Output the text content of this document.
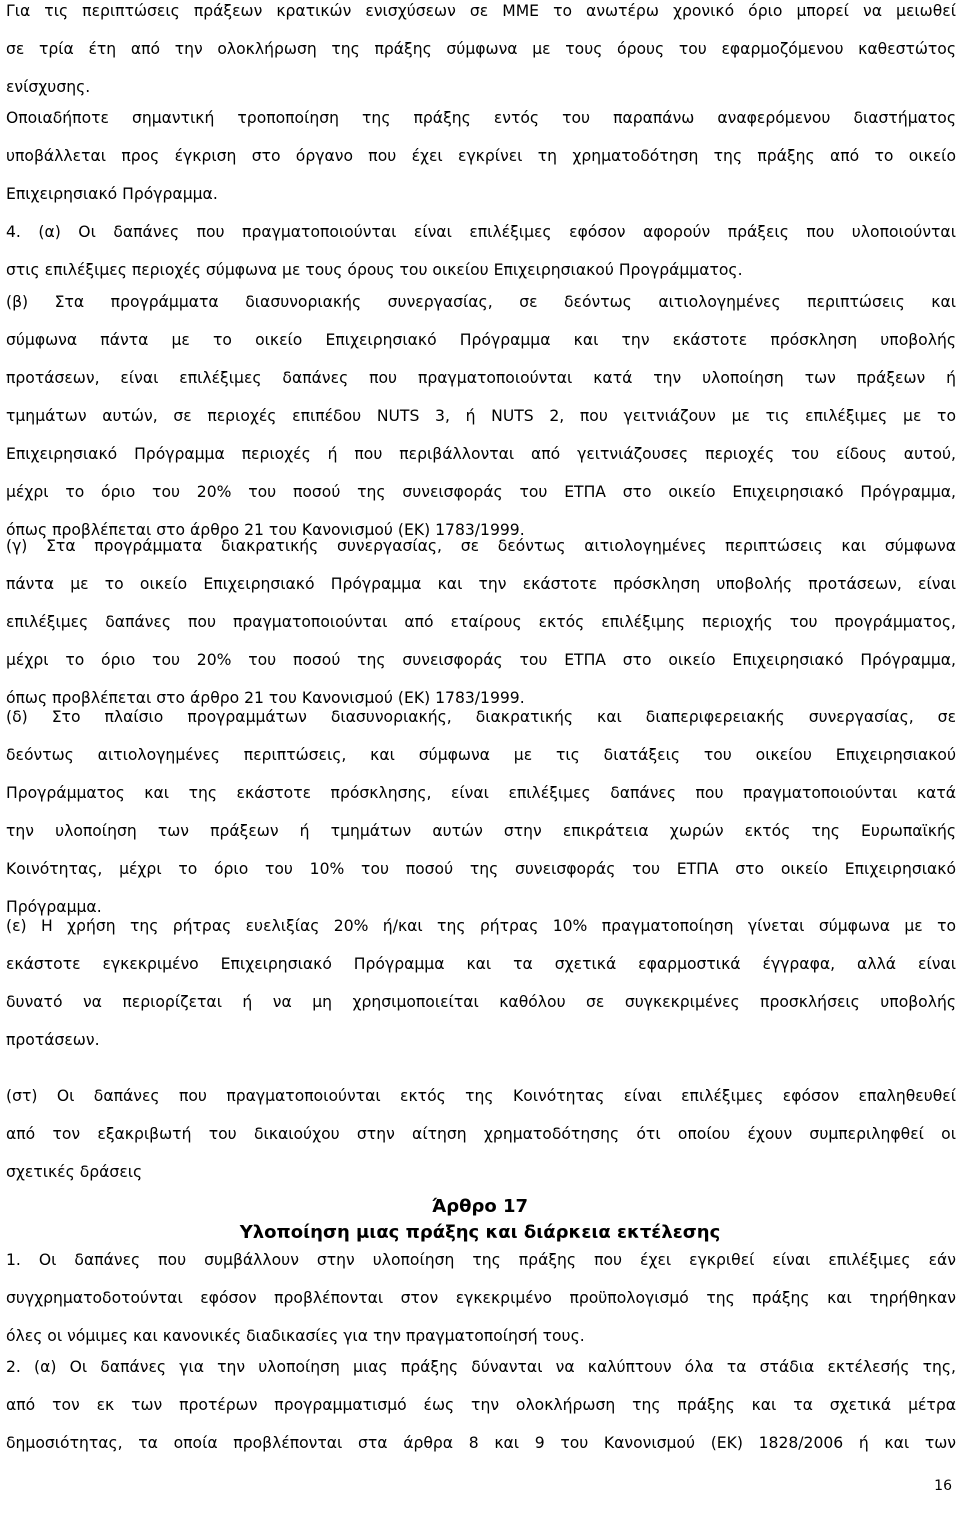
Για τις περιπτώσεις πράξεων κρατικών ενισχύσεων σε ΜΜΕ το ανωτέρω χρονικό όριο μπορεί να μειωθεί
σε τρία έτη από την ολοκλήρωση της πράξης σύμφωνα με τους όρους του εφαρμοζόμενου καθεστώτος
ενίσχυσης.
Οποιαδήποτε σημαντική τροποποίηση της πράξης εντός του παραπάνω αναφερόμενου διαστήματος
υποβάλλεται προς έγκριση στο όργανο που έχει εγκρίνει τη χρηματοδότηση της πράξης από το οικείο
Επιχειρησιακό Πρόγραμμα.
4. (α) Οι δαπάνες που πραγματοποιούνται είναι επιλέξιμες εφόσον αφορούν πράξεις που υλοποιούνται
στις επιλέξιμες περιοχές σύμφωνα με τους όρους του οικείου Επιχειρησιακού Προγράμματος.
(β) Στα προγράμματα διασυνοριακής συνεργασίας, σε δεόντως αιτιολογημένες περιπτώσεις και
σύμφωνα πάντα με το οικείο Επιχειρησιακό Πρόγραμμα και την εκάστοτε πρόσκληση υποβολής
προτάσεων, είναι επιλέξιμες δαπάνες που πραγματοποιούνται κατά την υλοποίηση των πράξεων ή
τμημάτων αυτών, σε περιοχές επιπέδου NUTS 3, ή NUTS 2, που γειτνιάζουν με τις επιλέξιμες με το
Επιχειρησιακό Πρόγραμμα περιοχές ή που περιβάλλονται από γειτνιάζουσες περιοχές του είδους αυτού,
μέχρι το όριο του 20% του ποσού της συνεισφοράς του ΕΤΠΑ στο οικείο Επιχειρησιακό Πρόγραμμα,
όπως προβλέπεται στο άρθρο 21 του Κανονισμού (ΕΚ) 1783/1999.
(γ) Στα προγράμματα διακρατικής συνεργασίας, σε δεόντως αιτιολογημένες περιπτώσεις και σύμφωνα
πάντα με το οικείο Επιχειρησιακό Πρόγραμμα και την εκάστοτε πρόσκληση υποβολής προτάσεων, είναι
επιλέξιμες δαπάνες που πραγματοποιούνται από εταίρους εκτός επιλέξιμης περιοχής του προγράμματος,
μέχρι το όριο του 20% του ποσού της συνεισφοράς του ΕΤΠΑ στο οικείο Επιχειρησιακό Πρόγραμμα,
όπως προβλέπεται στο άρθρο 21 του Κανονισμού (ΕΚ) 1783/1999.
(δ) Στο πλαίσιο προγραμμάτων διασυνοριακής, διακρατικής και διαπεριφερειακής συνεργασίας, σε
δεόντως αιτιολογημένες περιπτώσεις, και σύμφωνα με τις διατάξεις του οικείου Επιχειρησιακού
Προγράμματος και της εκάστοτε πρόσκλησης, είναι επιλέξιμες δαπάνες που πραγματοποιούνται κατά
την υλοποίηση των πράξεων ή τμημάτων αυτών στην επικράτεια χωρών εκτός της Ευρωπαϊκής
Κοινότητας, μέχρι το όριο του 10% του ποσού της συνεισφοράς του ΕΤΠΑ στο οικείο Επιχειρησιακό
Πρόγραμμα.
(ε) Η χρήση της ρήτρας ευελιξίας 20% ή/και της ρήτρας 10% πραγματοποίηση γίνεται σύμφωνα με το
εκάστοτε εγκεκριμένο Επιχειρησιακό Πρόγραμμα και τα σχετικά εφαρμοστικά έγγραφα, αλλά είναι
δυνατό να περιορίζεται ή να μη χρησιμοποιείται καθόλου σε συγκεκριμένες προσκλήσεις υποβολής
προτάσεων.
(στ) Οι δαπάνες που πραγματοποιούνται εκτός της Κοινότητας είναι επιλέξιμες εφόσον επαληθευθεί
από τον εξακριβωτή του δικαιούχου στην αίτηση χρηματοδότησης ότι οποίου έχουν συμπεριληφθεί οι
σχετικές δράσεις
Άρθρο 17
Υλοποίηση μιας πράξης και διάρκεια εκτέλεσης
1. Οι δαπάνες που συμβάλλουν στην υλοποίηση της πράξης που έχει εγκριθεί είναι επιλέξιμες εάν
συγχρηματοδοτούνται εφόσον προβλέπονται στον εγκεκριμένο προϋπολογισμό της πράξης και τηρήθηκαν
όλες οι νόμιμες και κανονικές διαδικασίες για την πραγματοποίησή τους.
2. (α) Οι δαπάνες για την υλοποίηση μιας πράξης δύνανται να καλύπτουν όλα τα στάδια εκτέλεσής της,
από τον εκ των προτέρων προγραμματισμό έως την ολοκλήρωση της πράξης και τα σχετικά μέτρα
δημοσιότητας, τα οποία προβλέπονται στα άρθρα 8 και 9 του Κανονισμού (ΕΚ) 1828/2006 ή και των
16
